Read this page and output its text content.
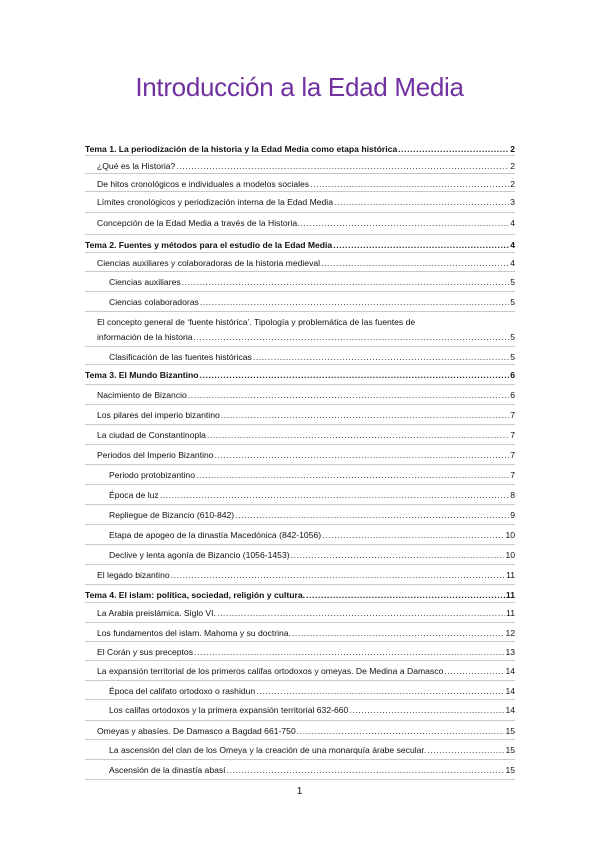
Introducción a la Edad Media
Tema 1. La periodización de la historia y la Edad Media como etapa histórica .....	2
¿Qué es la Historia? .....	2
De hitos cronológicos e individuales a modelos sociales .....	2
Límites cronológicos y periodización interna de la Edad Media .....	3
Concepción de la Edad Media a través de la Historia. .....	4
Tema 2. Fuentes y métodos para el estudio de la Edad Media .....	4
Ciencias auxiliares y colaboradoras de la historia medieval .....	4
Ciencias auxiliares .....	5
Ciencias colaboradoras .....	5
El concepto general de ‘fuente histórica’. Tipología y problemática de las fuentes de
información de la historia .....	5
Clasificación de las fuentes históricas .....	5
Tema 3. El Mundo Bizantino .....	6
Nacimiento de Bizancio .....	6
Los pilares del imperio bizantino .....	7
La ciudad de Constantinopla .....	7
Periodos del Imperio Bizantino .....	7
Periodo protobizantino .....	7
Época de luz .....	8
Repliegue de Bizancio (610-842) .....	9
Etapa de apogeo de la dinastía Macedónica (842-1056) .....	10
Declive y lenta agonía de Bizancio (1056-1453) .....	10
El legado bizantino .....	11
Tema 4. El islam: política, sociedad, religión y cultura. .....	11
La Arabia preislámica. Siglo VI. .....	11
Los fundamentos del islam. Mahoma y su doctrina. .....	12
El Corán y sus preceptos .....	13
La expansión territorial de los primeros califas ortodoxos y omeyas. De Medina a Damasco .....	14
Época del califato ortodoxo o rashidun .....	14
Los califas ortodoxos y la primera expansión territorial 632-660 .....	14
Omeyas y abasíes. De Damasco a Bagdad 661-750 .....	15
La ascensión del clan de los Omeya y la creación de una monarquía árabe secular. .....	15
Ascensión de la dinastía abasí .....	15
1
